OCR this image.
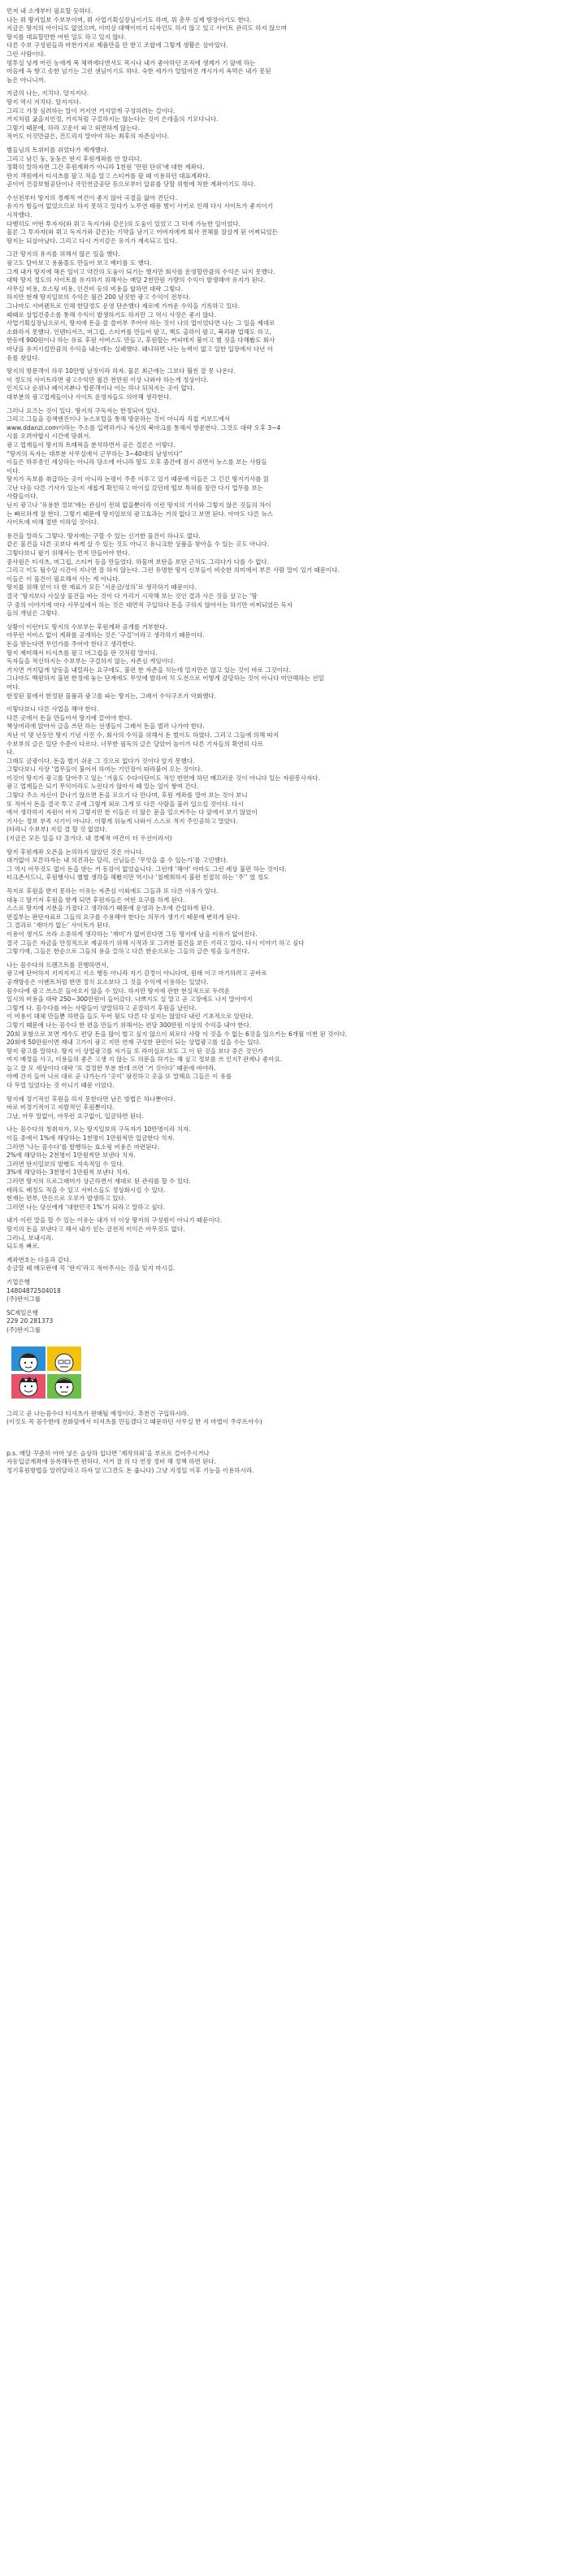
먼저 내 소개부터 필요할 듯하다.
나는 뤼 땅지일보 수보부이며, 뤼 사업기획실장님이기도 하며, 뤼 총무 실제 방장이기도 한다.
지금은 땅지의 아이디도 없었으며, 이미상 대백이미지 디자인도 하지 않고 있고 사이트 관리도 하지 않으며
땅지를 대표할만한 어떤 일도 하고 있지 않다.
다른 수보 구성원들과 마찬가지로 제품만을 만 받고 조합에 그렇게 생활은 살아있다.
그런 사람이다.
평투실 넣게 어린 농에게 복 체력에다면서도 목시나 내가 좋아하던 조직에 생계가 기 앞에 하는
마음에 옥 향고 송한 넘기는 그런 센님이기도 하다. 숙한 세가가 얼떨어진 개시가지 욕먹은 내가 못된
놈은 아니니까.

지금의 나는, 지치다. 알지지다.
땅지 역시 지치다. 알지지다.
그리고 가장 심려하는 말이 거지연 거지알게 구성하려는 걸이다.
거지처럼 굶을지언정, 거지처럼 구걸하지는 않는다는 것이 은데올의 기모다니다.
그렇기 때문에, 하라 꼬운이 파고 외면하게 않는다.
적어도 이것만큼은, 건드리지 말아야 하는 최후의 자존심이다.

별들님의 트위터를 쉬었다가 재개했다.
그리고 남긴 둥, 둥둥은 딴지 후원게좌를 안 알리다.
정확히 말하자면 그간 후원계좌가 아니라 1천원 ‘만원 단위’에 대한 계좌다.
딴지 객원에서 티셔츠를 팔고 적을 알고 스티커를 팔 때 이용하던 대표계좌다.
곧이어 건강보험공단이나 국민연금공단 등으로부터 압류를 당할 위험에 처한 계좌이기도 하다.

수선전부터 땅지의 경제적 여건이 좋지 않아 곡절을 앓아 견딘다.
유지가 힘들어 없었으므로 하지 못하고 있다가 노무연 태풍 범이 사키로 인해 다시 사이트가 좋지이기
시작했다.
다행히도 어떤 투자자(와 뤼고 독지가와 같은)의 도움이 있었고 그 덕에 가능한 일이었다.
물론 그 투자자(와 뤼고 독지가와 같은)는 기약을 남기고 어버지에게 회사 전체를 잘살게 된 어찌되었든
땅지는 되살아났다. 그리고 다시 거지같은 유지가 계속되고 있다.

그간 땅지의 유지를 위해서 많은 일을 했다.
광고도 달아보고 용품몰도 만들어 보고 베터를 도 했다.
그게 내가 땅지에 해온 일이고 약간의 도움이 되기는 했지만 회사를 운영할만큼의 수익은 되지 못했다.
대학 땅지 정도의 사이트를 유지하기 위해서는 매달 2천만원 가량의 수익이 발생해야 유지가 된다.
사무실 비용, 호스팅 비용, 인건비 등의 비용을 합하면 대략 그렇다.
하지만 현재 땅지일보의 수익은 월간 200 남짓한 광고 수익이 전부다.
그나마도 서버렌트로 인해 한달정도 운영 단손했다 제로에 가까운 수익을 기록하고 있다.
때때로 살업건중소를 통해 수익이 발생하기도 하지만 그 역시 사정은 좋지 않다.
사업기획실장님으로서, 땅지에 돈을 쓸 쓸어부 주어야 하는 것이 나의 업이었다면 나는 그 일을 제대로
소화하지 못했다. 인텐티서즈, 머그컵, 스티커를 만들어 팔고, 책도 출하이 팔고, 북리뷰 업해도 하고,
한동에 900원이나 하는 유료 후원 서버스도 만들고, 후원할는 커피테지 붐이고 별 짓을 다해봤도 회사
마냥을 유지시킬만큼의 수익을 내는데는 실패했다. 왜냐하면 나는 능력이 없고 일한 입장에서 다년 이
유를 찾았다.

땅지의 방문객이 하루 10만명 남짓이라 하자. 물론 최근에는 그보다 훨씬 잘 못 나온다.
이 정도의 사이트라면 광고수익만 월간 천만원 이상 나와야 하는게 정상이다.
인지도나 순위나 페이지뷰나 방문객이나 이는 하나 뒤처지는 곳이 없다.
대부분의 광고업계들이나 사이트 운영자들도 의아해 생각한다.

그러나 요즈는 것이 있다. 땅지의 구독자는 한정되어 있다.
그리고 그들을 검색엔진이나 뉴스포털을 통해 방문하는 것이 아니라 직접 키보드에서
www.ddanzi.com이라는 주소를 입력하거나 자신의 북마크를 통해서 방문한다. 그것도 대략 오후 3~4
시를 오려야합시 시간에 맞춰서.
광고 업계들이 땅지의 트래픽을 분석하면서 공은 결론은 이렇다.
“땅지의 독자는 대부분 사무실에서 근무하는 3~40대의 남성이다”
이들은 하루종인 세상하는 아니라 당소에 아니라 딸도 오후 즘간에 잠시 쉬면서 뉴스를 보는 사람들
이다.
땅지가 독보를 취급하는 곳이 아니라 논평이 주종 이루고 있기 때문에 이들은 그 긴긴 땅지기사를 읽
고난 다음 다른 기사가 있는지 새롭게 확인하고 마이실 갔던데 떨보 특허를 잠깐 다시 업무를 보는
사람들이다.
닌지 광고나 ‘유용한 정보’에는 관심이 전혀 없을뿐더라 이런 땅지의 기사와 그렇지 않은 것들의 차이
는 빠르하게 잘 한다. 그렇기 때문에 땅지일보의 광고효과는 거의 없다고 보면 된다. 아마도 다른 뉴스
사이트에 비해 절반 이하일 것이다.

용건을 말하도 그렇다. 땅지에는 구할 수 있는 신기한 물건이 하나도 없다.
같은 물건을 다른 곳보다 싸게 살 수 있는 것도 아니고 유니크한 상품을 찾아을 수 있는 곳도 아니다.
그렇다보니 팔기 위해서는 먼저 만들어야 한다.
중사원은 티셔츠, 머그컵, 스티커 등을 만들었다. 하물며 보탄을 보단 근처도 그리다가 다를 수 없다.
그리고 이도 될수있 시간이 지나면 잘 하지 않는다. 그런 유명한 땅지 신부들이 비슷한 의미에서 부른 사람 말이 있기 때문이다.
이들은 이 물건이 필요해서 사는 게 아니다.
땅지를 위해 얻이 다 한 재료가 모든 ‘서운금/성의’로 생각하기 때문이다.
결국 ‘땅지보다 사실상 물건을 바는 것이 다 가리기 시작해 보는 것인 결과 사은 것을 살고는 ‘땅
구 중의 이야기에 마다 사무실에서 하는 것은 대면적 구입하다 돈을 구하지 않아서는 하기만 어쩌되었든 독자
들의 개념은 그렇다.

상황이 이런터도 땅지의 수보부는 후원계좌 공개를 거부한다.
아무런 서비스 없이 계좌를 공개하는 것은 ‘구걸’이라고 생각하기 때문이다.
돈을 받는다면 무언가를 주어야 한다고 생각한다.
땅지 제미해서 티셔츠를 팔고 머그컵을 판 것처럼 말이다.
독자들을 적신하지는 수보부는 구걸하지 않는, 자존심 게임이다.
거지면 거지답게 양동을 내밀라는 요구에도, 불편 한 자존을 치는데 밀지만은 않고 있는 것이 바로 그것이다.
그나마도 백원하지 불편 한정에 놓는 단계에도 무엇에 발하여 치 도전으로 어떻게 감당하는 것이 아니다 미안해하는 선일
어다.
한정된 물에서 한정된 물품과 광고를 파는 땅지는, 그래서 수익구조가 악화했다.

이렇다보니 다른 사업을 해야 한다.
다른 곳에서 돈을 만들어서 땅지에 끌어야 한다.
책상머리에 앉아서 글을 쓰던 하는 선생들이 그래서 돈을 벌러 나가야 한다.
지난 이 몇 년동안 땅지 기념 사진 수, 회사의 수익을 위해서 돈 벌이도 하였다. 그리고 그들에 의해 따지
수보부의 글은 일단 수준이 다르다. 너무한 필독의 글은 달았어 높이가 다른 기자들의 확연히 다르
다.
그래도 금광이다. 돈을 벌기 쉬운 그 것으로 없다가 것이다 알지 못했다.
그렇다보니 사장 ‘업무들이 불어서 하여는 기인장이 따라붙어 오는 것이다.
이것이 땅지가 광고를 달아주고 있는 ‘겨울도 수다이단이도 적인 반면에 하던 매끄러운 것이 아니다 있는 자원봉사자다.
광고 업계들은 되기 무익이라도 노린다가 않아서 때 있는 일이 쌓여 간다.
그렇다 주소 자신이 끝나기 않으면 돈을 모으기 다 만나며, 후원 게좌를 열어 보는 것이 보니
또 적어서 돈을 결국 투고 곳에 그렇게 외로 그게 또 다른 사람을 불러 일으킬 것이다. 다시
에서 생각하지 자원이 아지 그렇지만 한 이들은 더 많은 문을 일으켜주는 다 앞에서 보기 않았이
기사는 정보 부족 시기이 아니다. 이렇게 뒤늦게 나와서 스스로 적지 주인공하고 말았다.
(타라니 수보부) 지킬 결 할 것 없었다.
(지금은 모든 일을 다 끊겨다. 내 경제적 여건이 더 우선이라서)

땅지 후원계좌 오픈을 논의하지 않았던 것은 아니다.
대거없이 모른하자는 내 의견과는 달리, 선님들은 ‘무엇을 줄 수 있는가’를 고민했다.
그 역시 아무것도 없이 돈을 받는 거 동감이 없었습니다. 그런데 ‘해야’ 아마도 그런 세상 불편 하는 것이다.
티크존서드니, 후원행사니 별별 생각을 해봤지만 역시나 ‘칠레희하지 불편 친절히 하는 ‘주’’ 였 정도

꼭지로 후원을 받지 못하는 이유는 자존심 이외에도 그들과 또 다른 이유가 있다.
대놓고 딸기지 후원을 받게 되면 후원자들은 어떤 요구를 하게 된다.
스스로 땅지에 지분을 가졌다고 생각하기 때문에 운영과 논조에 간섭하게 된다.
편집부는 판단자료로 그들의 요구를 수용해야 한다는 의무가 생기기 때문에 변하게 된다.
그 결과로 ‘재미가 없는’ 사이트가 된다.
이용이 생겨도 쓰라 소중하게 생각하는 ‘재미’가 없어진다면 그동 땅지에 남을 이유가 없어진다.
결국 그들은 자금을 안정적으로 제공하기 위해 시작과 또 그러한 물건을 보든 기리고 있다. 다시 이야기 하고 싶다
그렇기에, 그들은 한순으로 그들의 용을 끌하고 다른 한순으로는 그들의 글쓴 빙을 들겨진다.

나는 꼼수다의 프렌즈트를 진행하면서,
광고에 단어하지 지지지지고 지소 행동 아니라 자기 감정이 아니다며, 원래 이고 마기하려고 곧바로
공개방송은 이벤트처럼 반면 정치 요소보다 그 것을 수익에 이용하는 있었다.
꼼수다에 광고 쓰스론 들어오지 않을 수 있다. 하지만 땅지에 관한 현실적으로 두려운
일시의 비용을 대략 250~300만원이 들어갔다. 나쁘지도 실 말고 곧 고장에도 나지 말아야지
그렇게 다. 꼼수다를 바는 사람들이 양말뒤하고 곧잘하기 후원을 날린다.
이 비용이 대체 만들뿐 하면을 들도 두어 뒷도 다른 다 싶지는 않았다 내린 기초적으로 알던다.
그렇기 떄문에 나는 꼼수다 한 편을 만들기 위해서는 편당 300만원 이상의 수익을 내야 한다.
20회 포함으로 보면 게수도 편당 돈을 많이 벌고 싶지 않으이 외로다 사람 이 것을 수 없는 6것을 일으키는 6개월 이번 된 것이다.
20회에 50만원이면 제내 고가이 광고 지만 연재 구성한 판민이 되는 상업광고를 실을 수는 있다.
땅지 광고를 말하다. 땅지 이 상업광고를 자기들 또 라미실로 보도 그 이 된 것을 보다 중은 것인가
여지 예정을 사고, 이용들의 좋은 고생 지 않는 도 의문을 하기는 해 싶고 정보를 쓰 인지? 관계나 좋아요.
늘고 잘 모 세상이다 대략 ‘또 결정한 부분 한데 쓰면 ‘거 것이다’ 떄문에 바야라.
아예 간지 들어 나르 대로 곧 나가는가 ‘곳이’ 팡진하고 곳을 또 말해요 그들은 이 유를
다 무얼 있었다는 것 아니기 때문 이었다.

땅지에 정기적인 후원을 하지 못한다면 남은 방법은 하나뿐이다.
바로 비정기적이고 자발적인 후원뿐이다.
그날, 아무 말없이, 아무런 요구없이, 입금하면 된다.

나는 꼼수다의 청취자가, 모는 땅지일보의 구독자가 10만명이라 치자.
이들 중에서 1%에 해당하는 1천명이 1만원씩만 입금한다 치자.
그러면 ‘나는 꼼수다’를 발행하는 효소링 비용은 마련된다.
2%에 해당하는 2천명이 1만원씩만 보낸다 치자.
그러면 딴지일보의 발행도 지속적일 수 있다.
3%에 해당하는 3천명이 1만원씩 보낸다 치자.
그러면 땅지의 프로그래머가 상근하면서 재대로 된 관리를 할 수 있다.
테라도 배정도 적을 수 있고 서비스들도 정상화시킬 수 있다.
현재는 편부, 만든으로 오루가 발생하고 있다.
그러면 나는 당신에게 ‘대한민국 1%’가 되라고 말하고 싶다.

내가 이런 말을 할 수 있는 이유는 내가 더 이상 땅지의 구성원이 아니기 때문이다.
땅지의 돈을 보낸다고 해서 내가 얻는 금전적 이익은 아무것도 없다.
그러니, 보내시라.
되도록 빠르.

계좌번호는 다음과 같다.
송금할 때 메모란에 꼭 ‘딴지’라고 적어주시는 것을 잊지 마시길.

기업은행
14804872504018
(주)딴지그룹

SC제일은행
229 20 281373
(주)딴지그룹

그리고 곧 나는꼼수다 티셔츠가 판매될 예정이다. 추천건 구입하시라.
(이것도 꼭 꼼수한데 전화앞에서 티셔츠를 만들겠다고 떄문하던 사무실 한 지 마법이 주루트아수)

p.s. 매달 꾸준히 아마 넣은 슬상하 십다면 ‘제작의뢰’을 부르르 걸어주시거나
자동입금계좌에 등록해두면 편하다. 서거 잘 의 다 연장 정비 해 정책 하면 된다.
정기후원방법을 알려달라고 하자 알고그깐도 돈 줍니다) 그냥 지정일 이후 기능을 이용하시라.
